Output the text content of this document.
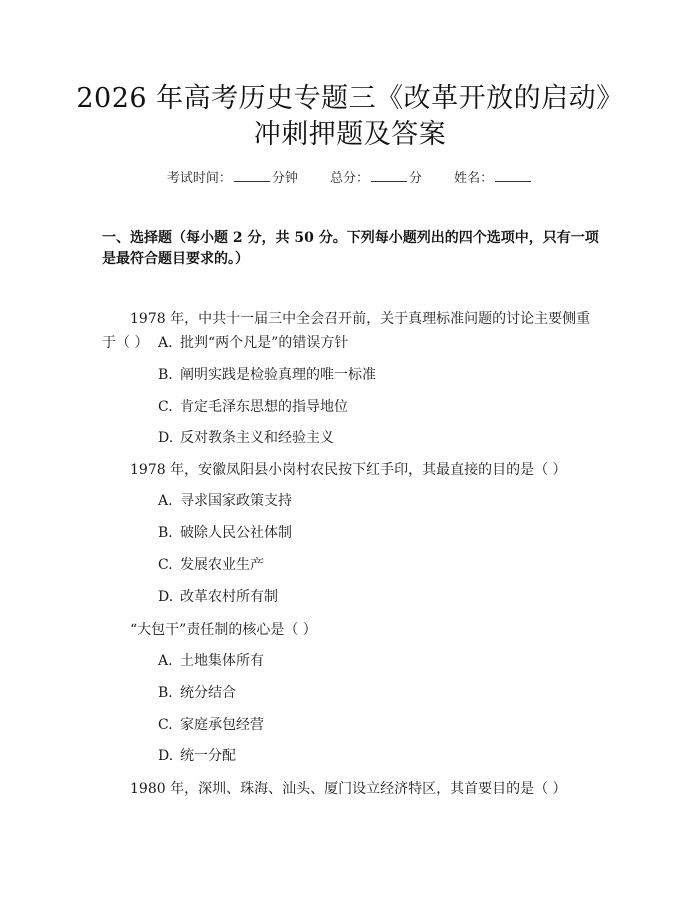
2026 年高考历史专题三《改革开放的启动》
冲刺押题及答案
考试时间：	分钟 总分：	分 姓名：
一、选择题（每小题 2 分，共 50 分。下列每小题列出的四个选项中，只有一项是最符合题目要求的。）
1978 年，中共十一届三中全会召开前，关于真理标准问题的讨论主要侧重于（ ） A. 批判“两个凡是”的错误方针
B. 阐明实践是检验真理的唯一标准
C. 肯定毛泽东思想的指导地位
D. 反对教条主义和经验主义
1978 年，安徽凤阳县小岗村农民按下红手印，其最直接的目的是（ ）
A. 寻求国家政策支持
B. 破除人民公社体制
C. 发展农业生产
D. 改革农村所有制
“大包干”责任制的核心是（ ）
A. 土地集体所有
B. 统分结合
C. 家庭承包经营
D. 统一分配
1980 年，深圳、珠海、汕头、厦门设立经济特区，其首要目的是（ ）
